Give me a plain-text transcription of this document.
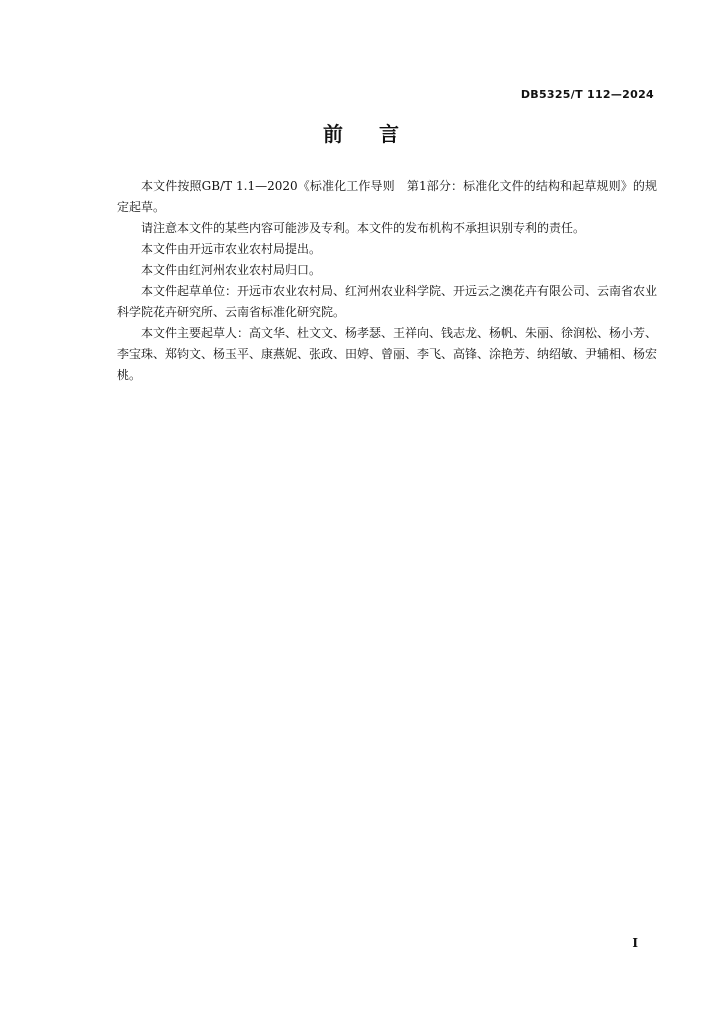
DB5325/T 112—2024
前 言

本文件按照GB/T 1.1—2020《标准化工作导则　第1部分：标准化文件的结构和起草规则》的规定起草。

请注意本文件的某些内容可能涉及专利。本文件的发布机构不承担识别专利的责任。

本文件由开远市农业农村局提出。

本文件由红河州农业农村局归口。

本文件起草单位：开远市农业农村局、红河州农业科学院、开远云之澳花卉有限公司、云南省农业科学院花卉研究所、云南省标准化研究院。

本文件主要起草人：高文华、杜文文、杨孝瑟、王祥向、钱志龙、杨帆、朱丽、徐润松、杨小芳、李宝珠、郑钧文、杨玉平、康燕妮、张政、田婷、曾丽、李飞、高锋、涂艳芳、纳绍敏、尹辅相、杨宏桃。

I
